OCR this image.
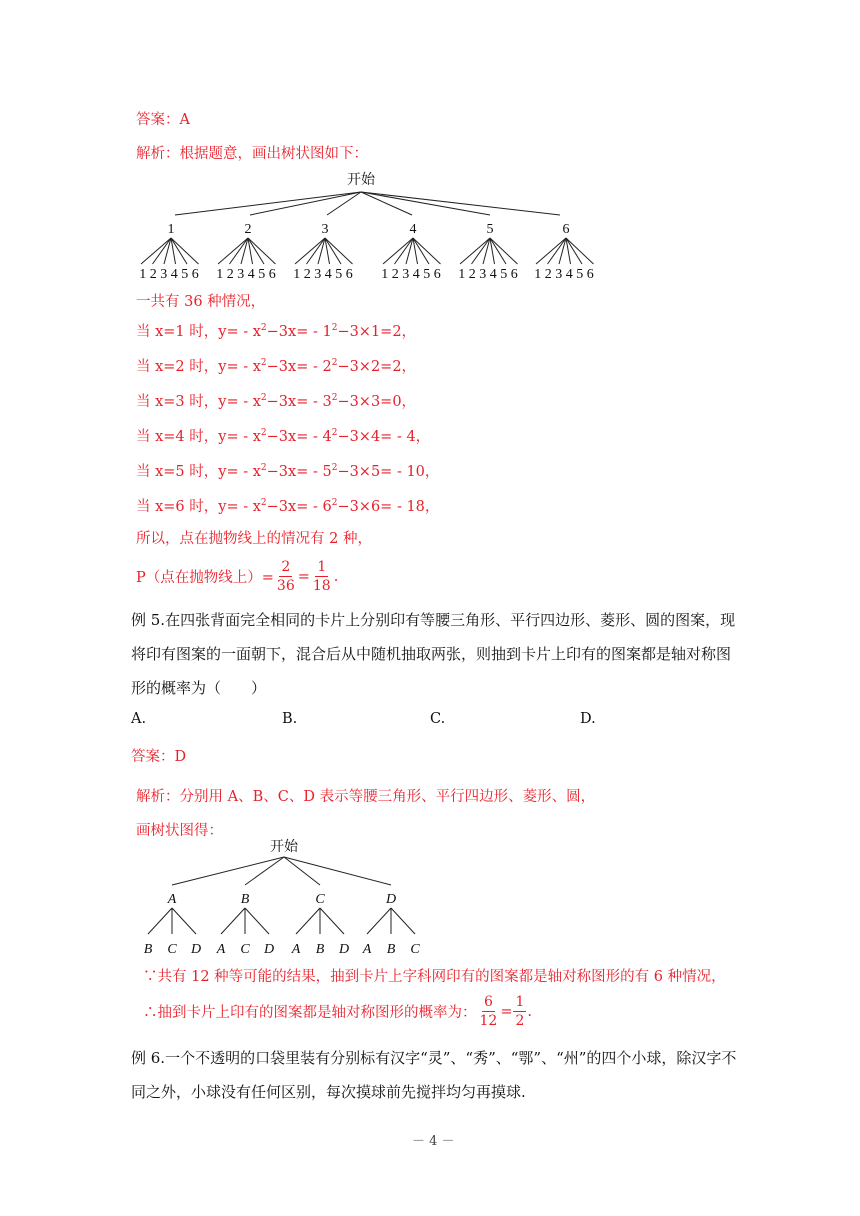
答案：A
解析：根据题意，画出树状图如下：
开始
1
1 2 3 4 5 6
2
1 2 3 4 5 6
3
1 2 3 4 5 6
4
1 2 3 4 5 6
5
1 2 3 4 5 6
6
1 2 3 4 5 6
开始
A
B C D
B
A C D
C
A B D
D
A B C
一共有 36 种情况，
当 x=1 时，$y= - x^2-3x= - 1^2-3\times 1=2$，
当 x=2 时，$y= - x^2-3x= - 2^2-3\times 2=2$，
当 x=3 时，$y= - x^2-3x= - 3^2-3\times 3=0$，
当 x=4 时，$y= - x^2-3x= - 4^2-3\times 4= - 4$，
当 x=5 时，$y= - x^2-3x= - 5^2-3\times 5= - 10$，
当 x=6 时，$y= - x^2-3x= - 6^2-3\times 6= - 18$，
所以，点在抛物线上的情况有 2 种，
P（点在抛物线上）= $\frac{2}{36} = \frac{1}{18}$ .
例 5.在四张背面完全相同的卡片上分别印有等腰三角形、平行四边形、菱形、圆的图案，现
将印有图案的一面朝下，混合后从中随机抽取两张，则抽到卡片上印有的图案都是轴对称图
形的概率为（　　）
A.	B.	C.	D.
答案：D
解析：分别用 A、B、C、D 表示等腰三角形、平行四边形、菱形、圆，
画树状图得：
∵共有 12 种等可能的结果，抽到卡片上字科网印有的图案都是轴对称图形的有 6 种情况，
∴抽到卡片上印有的图案都是轴对称图形的概率为： $\frac{6}{12} = \frac{1}{2}$ .
例 6.一个不透明的口袋里装有分别标有汉字“灵”、“秀”、“鄂”、“州”的四个小球，除汉字不
同之外，小球没有任何区别，每次摸球前先搅拌均匀再摸球.
－ 4 －
